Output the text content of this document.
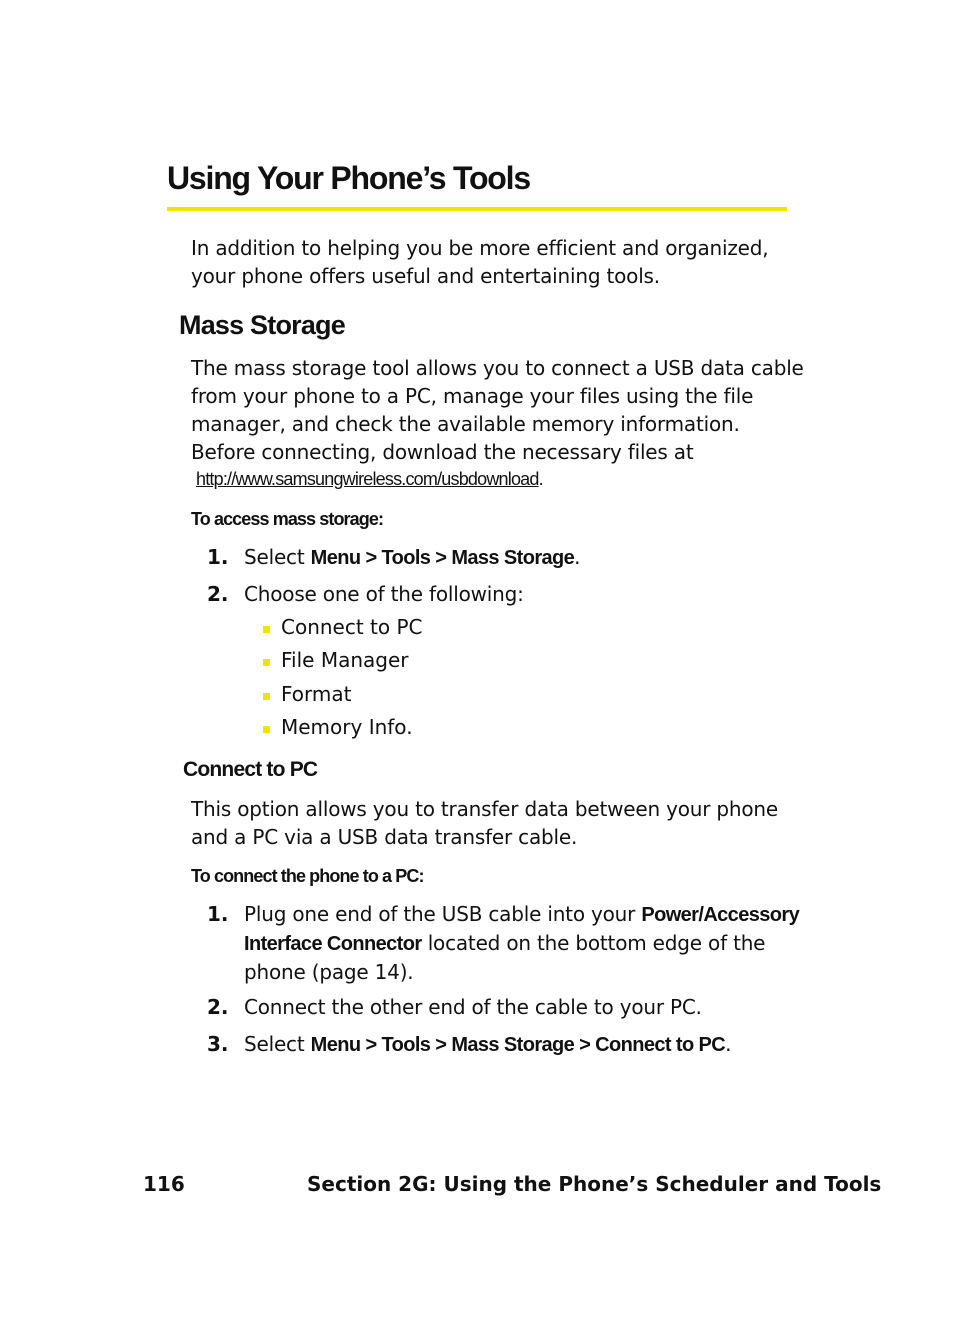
Using Your Phone’s Tools
In addition to helping you be more efficient and organized,
your phone offers useful and entertaining tools.
Mass Storage
The mass storage tool allows you to connect a USB data cable
from your phone to a PC, manage your files using the file
manager, and check the available memory information.
Before connecting, download the necessary files at
http://www.samsungwireless.com/usbdownload.
To access mass storage:
1. Select Menu > Tools > Mass Storage.
2. Choose one of the following:
Connect to PC
File Manager
Format
Memory Info.
Connect to PC
This option allows you to transfer data between your phone
and a PC via a USB data transfer cable.
To connect the phone to a PC:
1. Plug one end of the USB cable into your Power/Accessory
Interface Connector located on the bottom edge of the
phone (page 14).
2. Connect the other end of the cable to your PC.
3. Select Menu > Tools > Mass Storage > Connect to PC.
116	Section 2G: Using the Phone’s Scheduler and Tools
